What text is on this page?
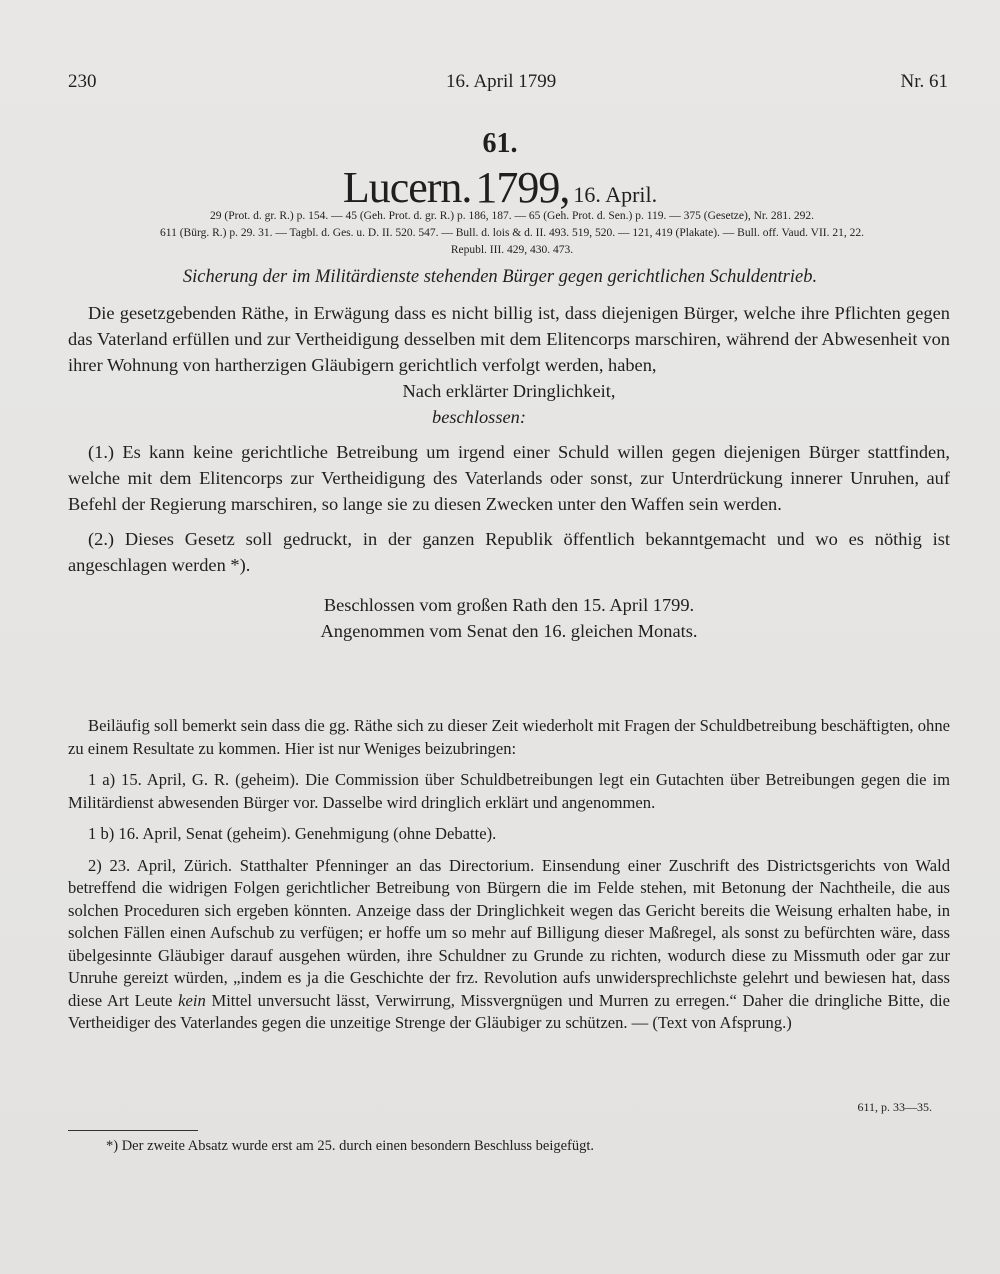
230	16. April 1799	Nr. 61
61.
Lucern. 1799, 16. April.
29 (Prot. d. gr. R.) p. 154. — 45 (Geh. Prot. d. gr. R.) p. 186, 187. — 65 (Geh. Prot. d. Sen.) p. 119. — 375 (Gesetze), Nr. 281. 292.
611 (Bürg. R.) p. 29. 31. — Tagbl. d. Ges. u. D. II. 520. 547. — Bull. d. lois & d. II. 493. 519, 520. — 121, 419 (Plakate). — Bull. off. Vaud. VII. 21, 22.
Republ. III. 429, 430. 473.
Sicherung der im Militärdienste stehenden Bürger gegen gerichtlichen Schuldentrieb.

Die gesetzgebenden Räthe, in Erwägung dass es nicht billig ist, dass diejenigen Bürger, welche ihre Pflichten gegen das Vaterland erfüllen und zur Vertheidigung desselben mit dem Elitencorps marschiren, während der Abwesenheit von ihrer Wohnung von hartherzigen Gläubigern gerichtlich verfolgt werden, haben,

Nach erklärter Dringlichkeit,

beschlossen:

(1.) Es kann keine gerichtliche Betreibung um irgend einer Schuld willen gegen diejenigen Bürger stattfinden, welche mit dem Elitencorps zur Vertheidigung des Vaterlands oder sonst, zur Unterdrückung innerer Unruhen, auf Befehl der Regierung marschiren, so lange sie zu diesen Zwecken unter den Waffen sein werden.

(2.) Dieses Gesetz soll gedruckt, in der ganzen Republik öffentlich bekanntgemacht und wo es nöthig ist angeschlagen werden *).

Beschlossen vom großen Rath den 15. April 1799.

Angenommen vom Senat den 16. gleichen Monats.

Beiläufig soll bemerkt sein dass die gg. Räthe sich zu dieser Zeit wiederholt mit Fragen der Schuldbetreibung beschäftigten, ohne zu einem Resultate zu kommen. Hier ist nur Weniges beizubringen:

1 a) 15. April, G. R. (geheim). Die Commission über Schuldbetreibungen legt ein Gutachten über Betreibungen gegen die im Militärdienst abwesenden Bürger vor. Dasselbe wird dringlich erklärt und angenommen.

1 b) 16. April, Senat (geheim). Genehmigung (ohne Debatte).

2) 23. April, Zürich. Statthalter Pfenninger an das Directorium. Einsendung einer Zuschrift des Districtsgerichts von Wald betreffend die widrigen Folgen gerichtlicher Betreibung von Bürgern die im Felde stehen, mit Betonung der Nachtheile, die aus solchen Proceduren sich ergeben könnten. Anzeige dass der Dringlichkeit wegen das Gericht bereits die Weisung erhalten habe, in solchen Fällen einen Aufschub zu verfügen; er hoffe um so mehr auf Billigung dieser Maßregel, als sonst zu befürchten wäre, dass übelgesinnte Gläubiger darauf ausgehen würden, ihre Schuldner zu Grunde zu richten, wodurch diese zu Missmuth oder gar zur Unruhe gereizt würden, „indem es ja die Geschichte der frz. Revolution aufs unwidersprechlichste gelehrt und bewiesen hat, dass diese Art Leute kein Mittel unversucht lässt, Verwirrung, Missvergnügen und Murren zu erregen.“ Daher die dringliche Bitte, die Vertheidiger des Vaterlandes gegen die unzeitige Strenge der Gläubiger zu schützen. — (Text von Afsprung.)

611, p. 33—35.
*) Der zweite Absatz wurde erst am 25. durch einen besondern Beschluss beigefügt.
